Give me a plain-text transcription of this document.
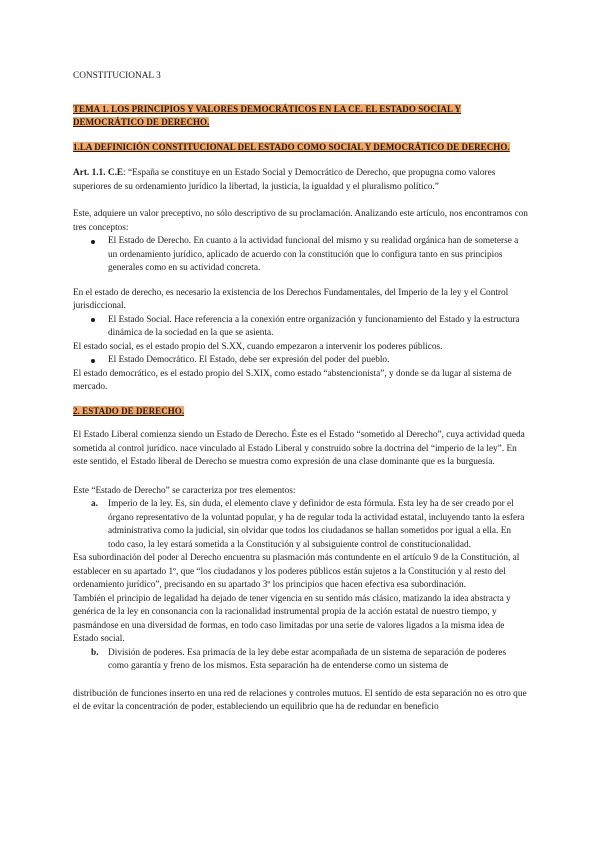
CONSTITUCIONAL 3

TEMA 1. LOS PRINCIPIOS Y VALORES DEMOCRÁTICOS EN LA CE. EL ESTADO SOCIAL Y DEMOCRÁTICO DE DERECHO.

1.LA DEFINICIÓN CONSTITUCIONAL DEL ESTADO COMO SOCIAL Y DEMOCRÁTICO DE DERECHO.

Art. 1.1. C.E: “España se constituye en un Estado Social y Democrático de Derecho, que propugna como valores superiores de su ordenamiento jurídico la libertad, la justicia, la igualdad y el pluralismo político.”

Este, adquiere un valor preceptivo, no sólo descriptivo de su proclamación. Analizando este artículo, nos encontramos con tres conceptos:

El Estado de Derecho. En cuanto a la actividad funcional del mismo y su realidad orgánica han de someterse a un ordenamiento jurídico, aplicado de acuerdo con la constitución que lo configura tanto en sus principios generales como en su actividad concreta.

En el estado de derecho, es necesario la existencia de los Derechos Fundamentales, del Imperio de la ley y el Control jurisdiccional.

El Estado Social. Hace referencia a la conexión entre organización y funcionamiento del Estado y la estructura dinámica de la sociedad en la que se asienta.

El estado social, es el estado propio del S.XX, cuando empezaron a intervenir los poderes públicos.

El Estado Democrático. El Estado, debe ser expresión del poder del pueblo.

El estado democrático, es el estado propio del S.XIX, como estado “abstencionista”, y donde se da lugar al sistema de mercado.

2. ESTADO DE DERECHO.

El Estado Liberal comienza siendo un Estado de Derecho. Éste es el Estado “sometido al Derecho”, cuya actividad queda sometida al control jurídico. nace vinculado al Estado Liberal y construido sobre la doctrina del “imperio de la ley”. En este sentido, el Estado liberal de Derecho se muestra como expresión de una clase dominante que es la burguesía.

Este “Estado de Derecho” se caracteriza por tres elementos:

a. Imperio de la ley. Es, sin duda, el elemento clave y definidor de esta fórmula. Esta ley ha de ser creado por el órgano representativo de la voluntad popular, y ha de regular toda la actividad estatal, incluyendo tanto la esfera administrativa como la judicial, sin olvidar que todos los ciudadanos se hallan sometidos por igual a ella. En todo caso, la ley estará sometida a la Constitución y al subsiguiente control de constitucionalidad.

Esa subordinación del poder al Derecho encuentra su plasmación más contundente en el artículo 9 de la Constitución, al establecer en su apartado 1º, que “los ciudadanos y los poderes públicos están sujetos a la Constitución y al resto del ordenamiento jurídico”, precisando en su apartado 3º los principios que hacen efectiva esa subordinación.

También el principio de legalidad ha dejado de tener vigencia en su sentido más clásico, matizando la idea abstracta y genérica de la ley en consonancia con la racionalidad instrumental propia de la acción estatal de nuestro tiempo, y pasmándose en una diversidad de formas, en todo caso limitadas por una serie de valores ligados a la misma idea de Estado social.

b. División de poderes. Esa primacía de la ley debe estar acompañada de un sistema de separación de poderes como garantía y freno de los mismos. Esta separación ha de entenderse como un sistema de

distribución de funciones inserto en una red de relaciones y controles mutuos. El sentido de esta separación no es otro que el de evitar la concentración de poder, estableciendo un equilibrio que ha de redundar en beneficio
